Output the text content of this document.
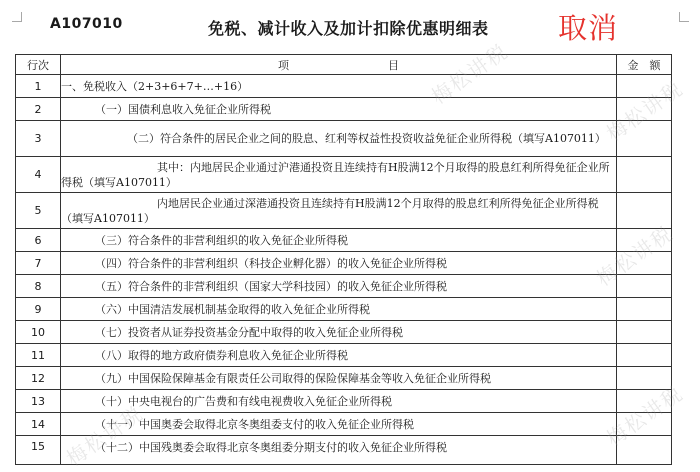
A107010	免税、减计收入及加计扣除优惠明细表 取消
行次	项　　　　　　　　　目	金　额
1	一、免税收入（2+3+6+7+…+16）	

2	（一）国债利息收入免征企业所得税	

3	（二）符合条件的居民企业之间的股息、红利等权益性投资收益免征企业所得税（填写A107011）	

4	其中：内地居民企业通过沪港通投资且连续持有H股满12个月取得的股息红利所得免征企业所得税（填写A107011）	

5	内地居民企业通过深港通投资且连续持有H股满12个月取得的股息红利所得免征企业所得税（填写A107011）	

6	（三）符合条件的非营利组织的收入免征企业所得税	

7	（四）符合条件的非营利组织（科技企业孵化器）的收入免征企业所得税	

8	（五）符合条件的非营利组织（国家大学科技园）的收入免征企业所得税	

9	（六）中国清洁发展机制基金取得的收入免征企业所得税	

10	（七）投资者从证券投资基金分配中取得的收入免征企业所得税	

11	（八）取得的地方政府债券利息收入免征企业所得税	

12	（九）中国保险保障基金有限责任公司取得的保险保障基金等收入免征企业所得税	

13	（十）中央电视台的广告费和有线电视费收入免征企业所得税	

14	（十一）中国奥委会取得北京冬奥组委支付的收入免征企业所得税	

15	（十二）中国残奥委会取得北京冬奥组委分期支付的收入免征企业所得税	

梅松讲税
梅松讲税
梅松讲税
梅松讲税
梅松讲税
